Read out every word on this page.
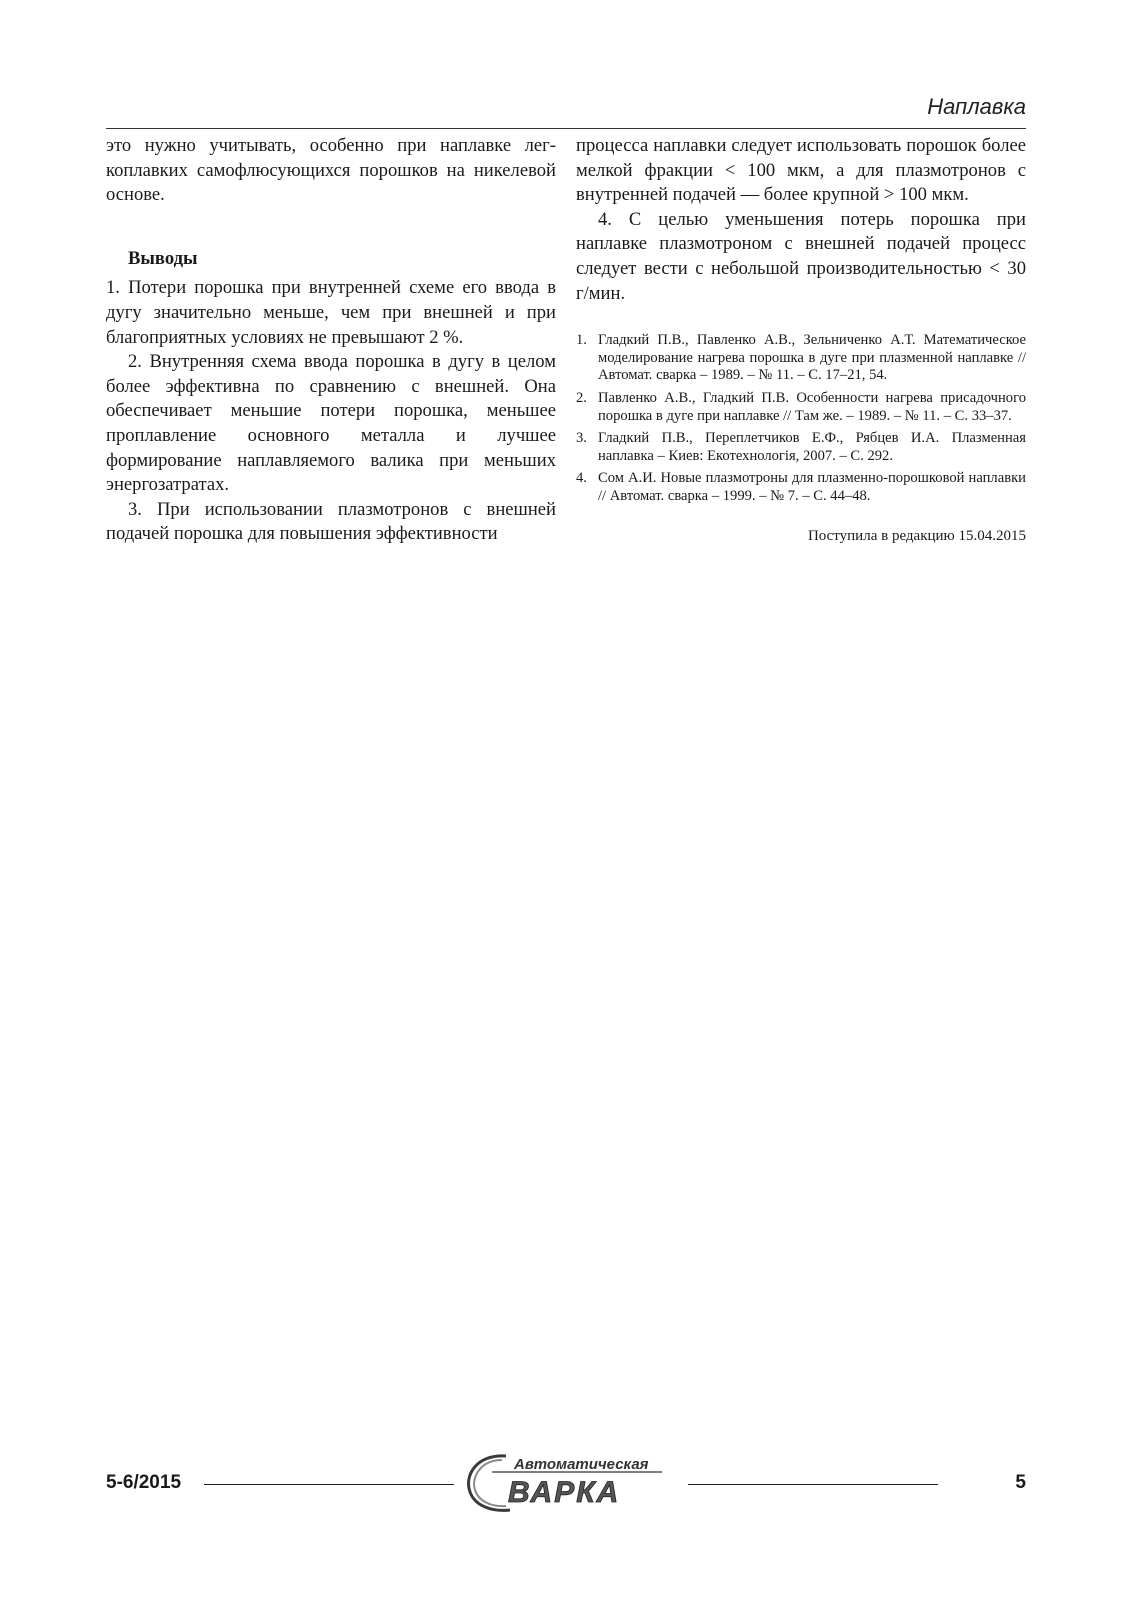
Наплавка

это нужно учитывать, особенно при наплавке легкоплавких самофлюсующихся порошков на никелевой основе.

Выводы

1. Потери порошка при внутренней схеме его ввода в дугу значительно меньше, чем при внешней и при благоприятных условиях не превышают 2 %.

2. Внутренняя схема ввода порошка в дугу в целом более эффективна по сравнению с внешней. Она обеспечивает меньшие потери порошка, меньшее проплавление основного металла и лучшее формирование наплавляемого валика при меньших энергозатратах.

3. При использовании плазмотронов с внешней подачей порошка для повышения эффективности

процесса наплавки следует использовать порошок более мелкой фракции < 100 мкм, а для плазмотронов с внутренней подачей — более крупной > 100 мкм.

4. С целью уменьшения потерь порошка при наплавке плазмотроном с внешней подачей процесс следует вести с небольшой производительностью < 30 г/мин.

1. Гладкий П.В., Павленко А.В., Зельниченко А.Т. Математическое моделирование нагрева порошка в дуге при плазменной наплавке // Автомат. сварка – 1989. – № 11. – С. 17–21, 54.
2. Павленко А.В., Гладкий П.В. Особенности нагрева присадочного порошка в дуге при наплавке // Там же. – 1989. – № 11. – С. 33–37.
3. Гладкий П.В., Переплетчиков Е.Ф., Рябцев И.А. Плазменная наплавка – Киев: Екотехнологія, 2007. – С. 292.
4. Сом А.И. Новые плазмотроны для плазменно-порошковой наплавки // Автомат. сварка – 1999. – № 7. – С. 44–48.
Поступила в редакцию 15.04.2015
5-6/2015	5
Автоматическая
ВАРКА
